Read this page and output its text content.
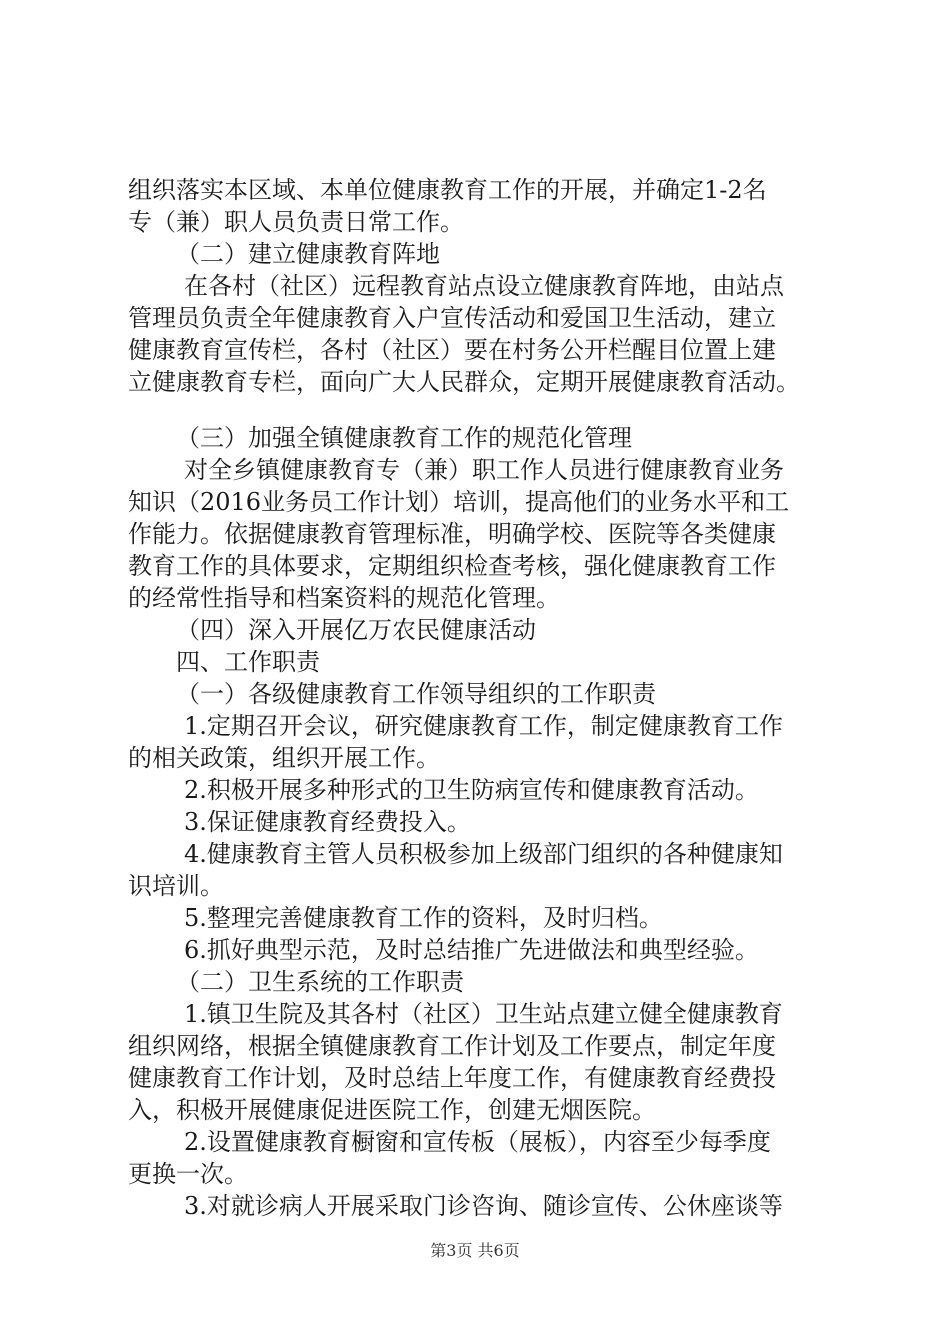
组织落实本区域、本单位健康教育工作的开展，并确定1-2名
专（兼）职人员负责日常工作。
（二）建立健康教育阵地
在各村（社区）远程教育站点设立健康教育阵地，由站点
管理员负责全年健康教育入户宣传活动和爱国卫生活动，建立
健康教育宣传栏，各村（社区）要在村务公开栏醒目位置上建
立健康教育专栏，面向广大人民群众，定期开展健康教育活动。
（三）加强全镇健康教育工作的规范化管理
对全乡镇健康教育专（兼）职工作人员进行健康教育业务
知识（2016业务员工作计划）培训，提高他们的业务水平和工
作能力。依据健康教育管理标准，明确学校、医院等各类健康
教育工作的具体要求，定期组织检查考核，强化健康教育工作
的经常性指导和档案资料的规范化管理。
（四）深入开展亿万农民健康活动
四、工作职责
（一）各级健康教育工作领导组织的工作职责
1.定期召开会议，研究健康教育工作，制定健康教育工作
的相关政策，组织开展工作。
2.积极开展多种形式的卫生防病宣传和健康教育活动。
3.保证健康教育经费投入。
4.健康教育主管人员积极参加上级部门组织的各种健康知
识培训。
5.整理完善健康教育工作的资料，及时归档。
6.抓好典型示范，及时总结推广先进做法和典型经验。
（二）卫生系统的工作职责
1.镇卫生院及其各村（社区）卫生站点建立健全健康教育
组织网络，根据全镇健康教育工作计划及工作要点，制定年度
健康教育工作计划，及时总结上年度工作，有健康教育经费投
入，积极开展健康促进医院工作，创建无烟医院。
2.设置健康教育橱窗和宣传板（展板），内容至少每季度
更换一次。
3.对就诊病人开展采取门诊咨询、随诊宣传、公休座谈等
第3页 共6页
